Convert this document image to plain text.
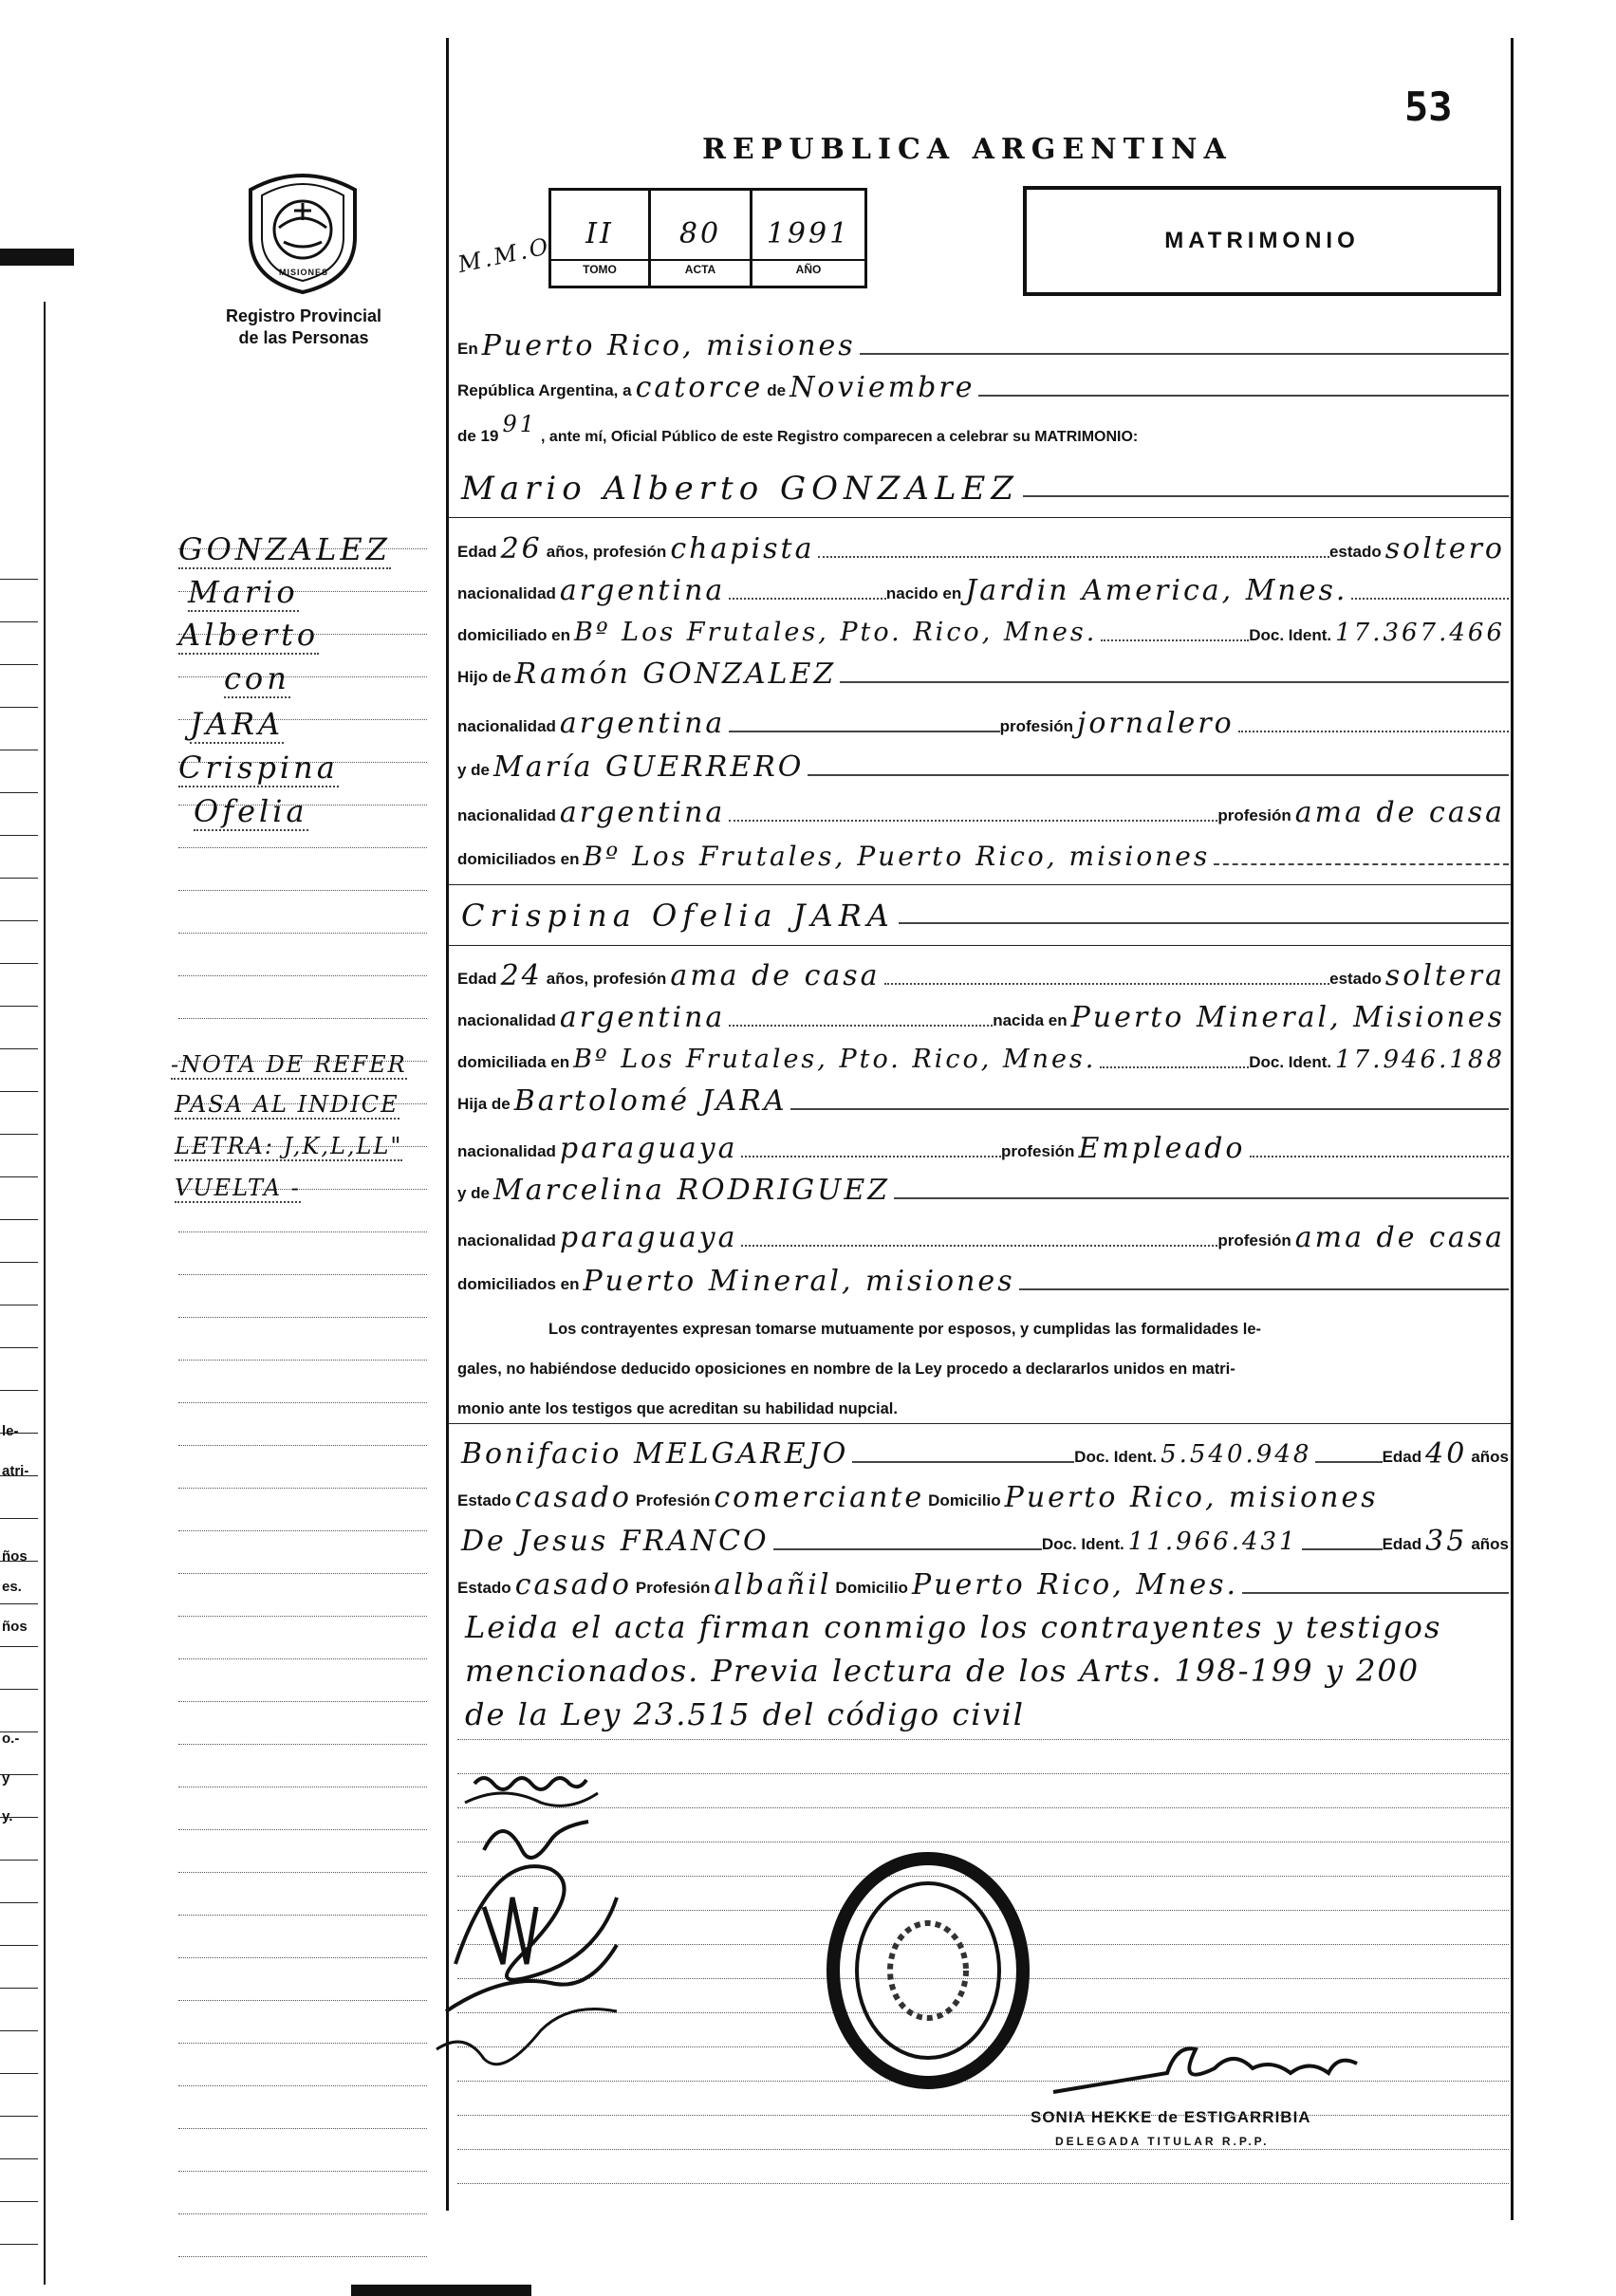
53
REPUBLICA ARGENTINA
MISIONES
Registro Provincial
de las Personas
M.M.O	II
TOMO
80
ACTA
1991
AÑO
MATRIMONIO
En Puerto Rico, misiones
República Argentina, a catorce de Noviembre
de 19 91 , ante mí, Oficial Público de este Registro comparecen a celebrar su MATRIMONIO:
Mario Alberto GONZALEZ
Edad 26 años, profesión chapista	estado soltero
nacionalidad argentina	nacido en Jardin America, Mnes.
domiciliado en Bº Los Frutales, Pto. Rico, Mnes.	Doc. Ident. 17.367.466
Hijo de Ramón GONZALEZ
nacionalidad argentina	profesión jornalero
y de María GUERRERO
nacionalidad argentina	profesión ama de casa
domiciliados en Bº Los Frutales, Puerto Rico, misiones
Crispina Ofelia JARA
Edad 24 años, profesión ama de casa	estado soltera
nacionalidad argentina	nacida en Puerto Mineral, Misiones
domiciliada en Bº Los Frutales, Pto. Rico, Mnes.	Doc. Ident. 17.946.188
Hija de Bartolomé JARA
nacionalidad paraguaya	profesión Empleado
y de Marcelina RODRIGUEZ
nacionalidad paraguaya	profesión ama de casa
domiciliados en Puerto Mineral, misiones
Los contrayentes expresan tomarse mutuamente por esposos, y cumplidas las formalidades le-
gales, no habiéndose deducido oposiciones en nombre de la Ley procedo a declararlos unidos en matri-
monio ante los testigos que acreditan su habilidad nupcial.
Bonifacio MELGAREJO	Doc. Ident. 5.540.948	Edad 40 años
Estado casado Profesión comerciante Domicilio Puerto Rico, misiones
De Jesus FRANCO	Doc. Ident. 11.966.431	Edad 35 años
Estado casado Profesión albañil Domicilio Puerto Rico, Mnes.
Leida el acta firman conmigo los contrayentes y testigos
mencionados. Previa lectura de los Arts. 198-199 y 200
de la Ley 23.515 del código civil
SONIA HEKKE de ESTIGARRIBIA
DELEGADA TITULAR R.P.P.
GONZALEZ
Mario
Alberto
con
JARA
Crispina
Ofelia
-NOTA DE REFER
PASA AL INDICE
LETRA: J,K,L,LL"
VUELTA -
le-
atri-
ños
es.
ños
o.-
y
y.
